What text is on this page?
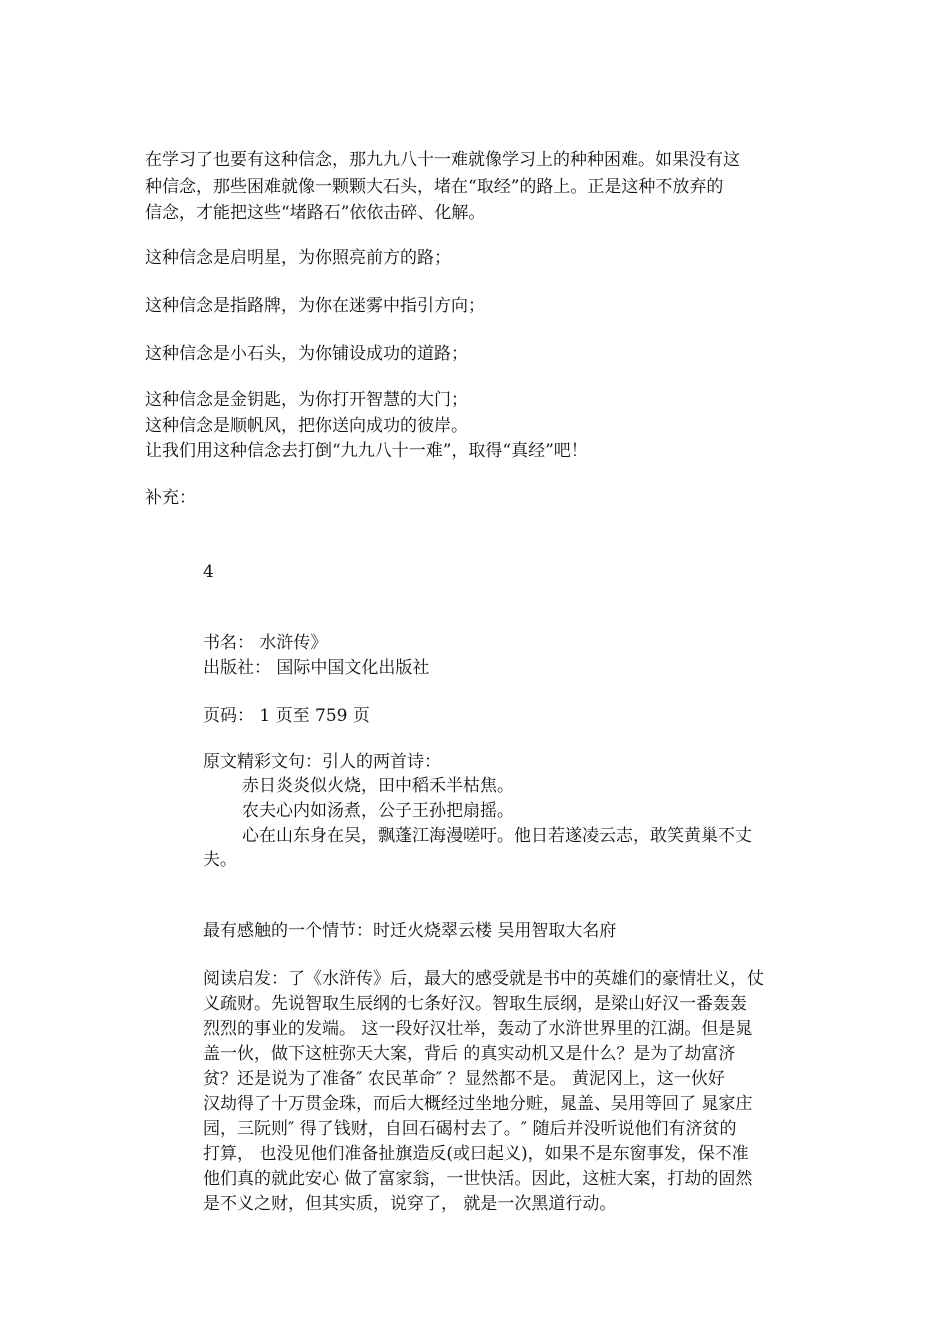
在学习了也要有这种信念，那九九八十一难就像学习上的种种困难。如果没有这

种信念，那些困难就像一颗颗大石头，堵在“取经”的路上。正是这种不放弃的

信念，才能把这些“堵路石”依依击碎、化解。

这种信念是启明星，为你照亮前方的路；

这种信念是指路牌，为你在迷雾中指引方向；

这种信念是小石头，为你铺设成功的道路；

这种信念是金钥匙，为你打开智慧的大门；

这种信念是顺帆风，把你送向成功的彼岸。

让我们用这种信念去打倒“九九八十一难”，取得“真经”吧！

补充：

4

书名： 水浒传》

出版社： 国际中国文化出版社

页码： 1 页至 759 页

原文精彩文句：引人的两首诗：

赤日炎炎似火烧，田中稻禾半枯焦。

农夫心内如汤煮，公子王孙把扇摇。

心在山东身在吴，飘蓬江海漫嗟吁。他日若遂凌云志，敢笑黄巢不丈

夫。

最有感触的一个情节：时迁火烧翠云楼 吴用智取大名府

阅读启发：了《水浒传》后，最大的感受就是书中的英雄们的豪情壮义，仗

义疏财。先说智取生辰纲的七条好汉。智取生辰纲，是梁山好汉一番轰轰

烈烈的事业的发端。 这一段好汉壮举，轰动了水浒世界里的江湖。但是晁

盖一伙，做下这桩弥天大案，背后 的真实动机又是什么？是为了劫富济

贫？还是说为了准备″ 农民革命″ ？显然都不是。 黄泥冈上，这一伙好

汉劫得了十万贯金珠，而后大概经过坐地分赃，晁盖、吴用等回了 晁家庄

园，三阮则″ 得了钱财，自回石碣村去了。″ 随后并没听说他们有济贫的

打算， 也没见他们准备扯旗造反(或曰起义)，如果不是东窗事发，保不准

他们真的就此安心 做了富家翁，一世快活。因此，这桩大案，打劫的固然

是不义之财，但其实质，说穿了， 就是一次黑道行动。
